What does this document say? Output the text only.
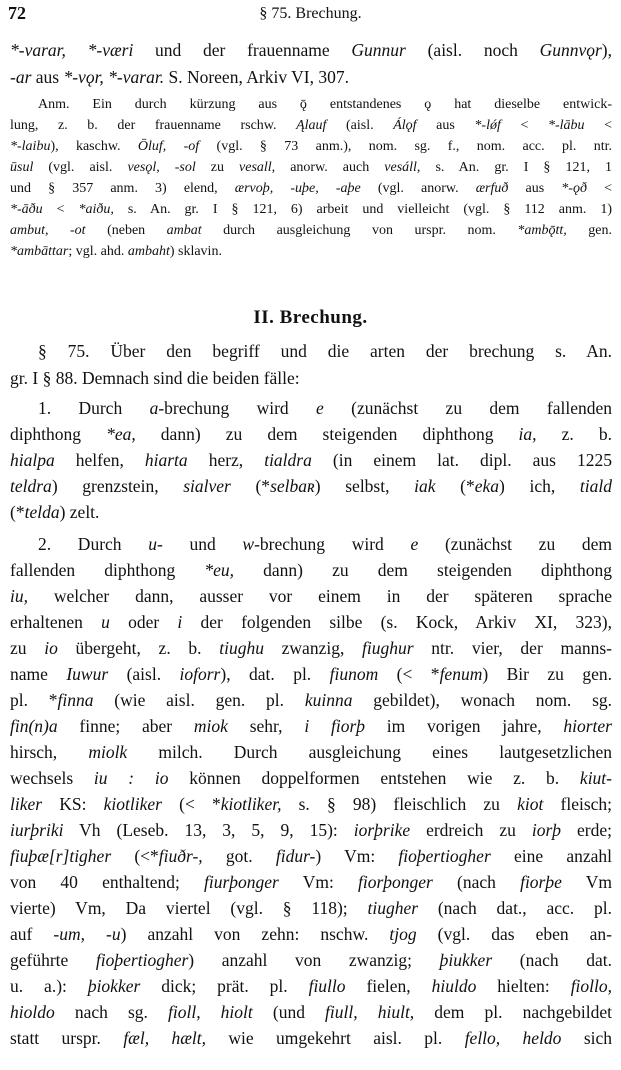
72	§ 75. Brechung.
*-varar, *-væri und der frauenname Gunnur (aisl. noch Gunnvǫr),
-ar aus *-vǫr, *-varar. S. Noreen, Arkiv VI, 307.
Anm. Ein durch kürzung aus ǭ entstandenes ǫ hat dieselbe entwick-
lung, z. b. der frauenname rschw. Ąlauf (aisl. Álǫf aus *-lǿf < *-lābu <
*-laibu), kaschw. Ōluf, -of (vgl. § 73 anm.), nom. sg. f., nom. acc. pl. ntr.
ūsul (vgl. aisl. vesǫl, -sol zu vesall, anorw. auch vesáll, s. An. gr. I § 121, 1
und § 357 anm. 3) elend, ærvoþ, -uþe, -aþe (vgl. anorw. ærfuð aus *-ǫð <
*-āðu < *aiðu, s. An. gr. I § 121, 6) arbeit und vielleicht (vgl. § 112 anm. 1)
ambut, -ot (neben ambat durch ausgleichung von urspr. nom. *ambǭtt, gen.
*ambāttar; vgl. ahd. ambaht) sklavin.
II. Brechung.
§ 75. Über den begriff und die arten der brechung s. An.
gr. I § 88. Demnach sind die beiden fälle:
1. Durch a-brechung wird e (zunächst zu dem fallenden
diphthong *ea, dann) zu dem steigenden diphthong ia, z. b.
hialpa helfen, hiarta herz, tialdra (in einem lat. dipl. aus 1225
teldra) grenzstein, sialver (*selbaʀ) selbst, iak (*eka) ich, tiald
(*telda) zelt.
2. Durch u- und w-brechung wird e (zunächst zu dem
fallenden diphthong *eu, dann) zu dem steigenden diphthong
iu, welcher dann, ausser vor einem in der späteren sprache
erhaltenen u oder i der folgenden silbe (s. Kock, Arkiv XI, 323),
zu io übergeht, z. b. tiughu zwanzig, fiughur ntr. vier, der manns-
name Iuwur (aisl. ioforr), dat. pl. fiunom (< *fenum) Bir zu gen.
pl. *finna (wie aisl. gen. pl. kuinna gebildet), wonach nom. sg.
fin(n)a finne; aber miok sehr, i fiorþ im vorigen jahre, hiorter
hirsch, miolk milch. Durch ausgleichung eines lautgesetzlichen
wechsels iu : io können doppelformen entstehen wie z. b. kiut-
liker KS: kiotliker (< *kiotliker, s. § 98) fleischlich zu kiot fleisch;
iurþriki Vh (Leseb. 13, 3, 5, 9, 15): iorþrike erdreich zu iorþ erde;
fiuþæ[r]tigher (<*fiuðr-, got. fidur-) Vm: fioþertiogher eine anzahl
von 40 enthaltend; fiurþonger Vm: fiorþonger (nach fiorþe Vm
vierte) Vm, Da viertel (vgl. § 118); tiugher (nach dat., acc. pl.
auf -um, -u) anzahl von zehn: nschw. tjog (vgl. das eben an-
geführte fioþertiogher) anzahl von zwanzig; þiukker (nach dat.
u. a.): þiokker dick; prät. pl. fiullo fielen, hiuldo hielten: fiollo,
hioldo nach sg. fioll, hiolt (und fiull, hiult, dem pl. nachgebildet
statt urspr. fæl, hælt, wie umgekehrt aisl. pl. fello, heldo sich
